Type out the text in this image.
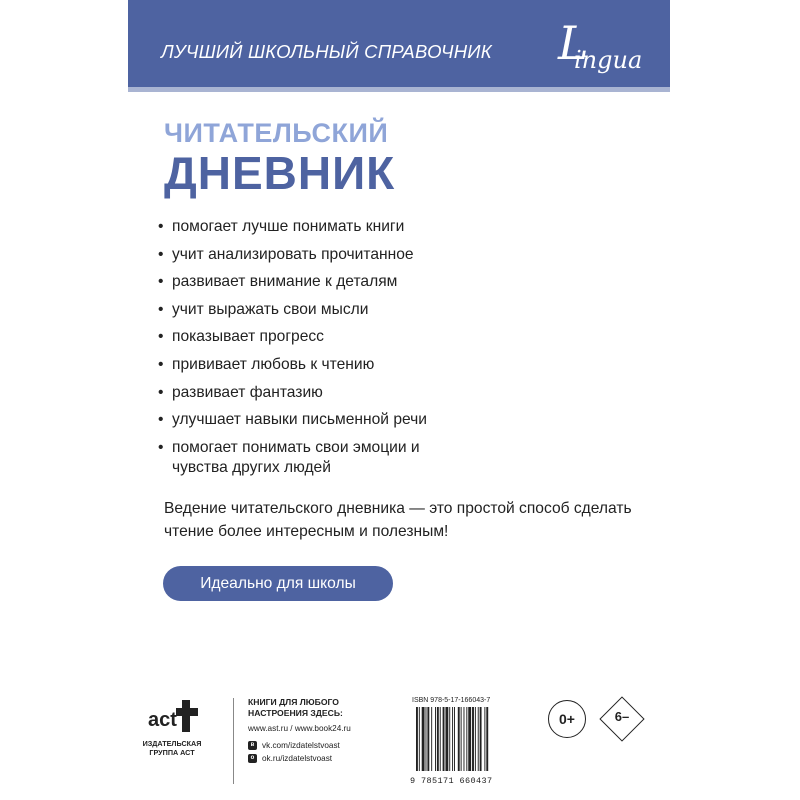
ЛУЧШИЙ ШКОЛЬНЫЙ СПРАВОЧНИК L
ingua
ЧИТАТЕЛЬСКИЙ
ДНЕВНИК
• помогает лучше понимать книги
• учит анализировать прочитанное
• развивает внимание к деталям
• учит выражать свои мысли
• показывает прогресс
• прививает любовь к чтению
• развивает фантазию
• улучшает навыки письменной речи
• помогает понимать свои эмоции и чувства других людей
Ведение читательского дневника — это простой способ сделать чтение более интересным и полезным!
Идеально для школы
act
ИЗДАТЕЛЬСКАЯ ГРУППА АСТ
КНИГИ ДЛЯ ЛЮБОГО НАСТРОЕНИЯ ЗДЕСЬ:
www.ast.ru / www.book24.ru
в vk.com/izdatelstvoast
o ok.ru/izdatelstvoast
ISBN 978-5-17-166043-7
9 785171 660437
0+	6–
